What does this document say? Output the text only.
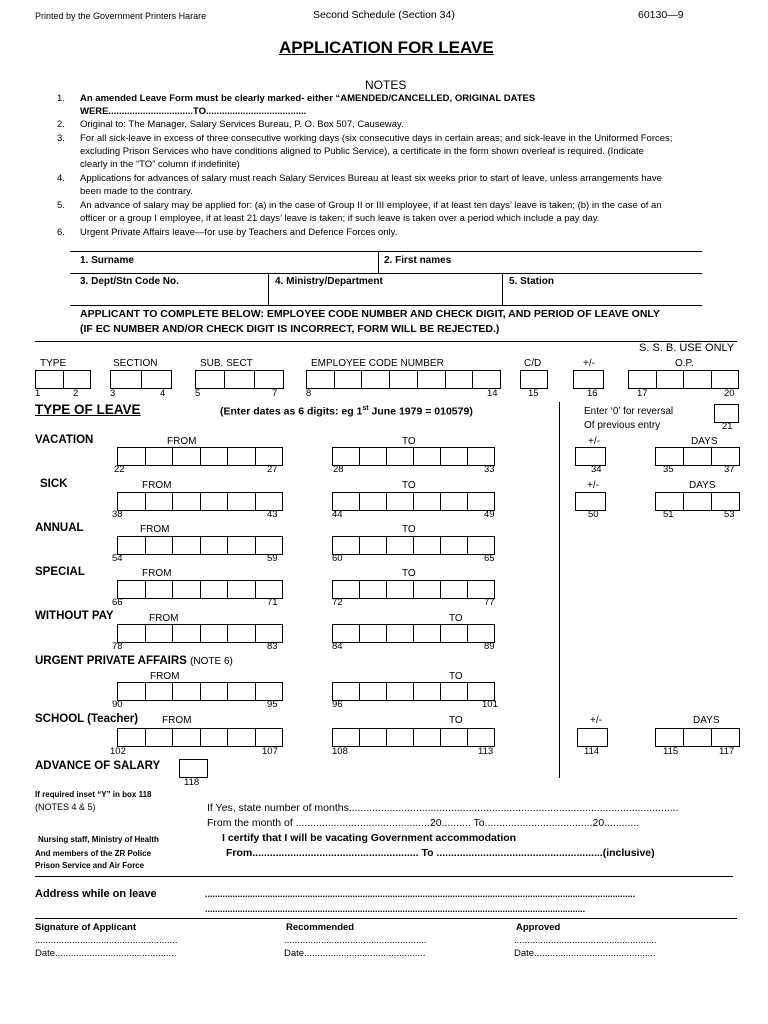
Printed by the Government Printers Harare	Second Schedule (Section 34)	60130—9
APPLICATION FOR LEAVE
NOTES
1. An amended Leave Form must be clearly marked- either “AMENDED/CANCELLED, ORIGINAL DATES
WERE................................TO......................................
2. Original to: The Manager, Salary Services Bureau, P. O. Box 507, Causeway.
3. For all sick-leave in excess of three consecutive working days (six consecutive days in certain areas; and sick-leave in the Uniformed Forces;
excluding Prison Services who have conditions aligned to Public Service), a certificate in the form shown overleaf is required. (Indicate
clearly in the “TO” column if indefinite)
4. Applications for advances of salary must reach Salary Services Bureau at least six weeks prior to start of leave, unless arrangements have
been made to the contrary.
5. An advance of salary may be applied for: (a) in the case of Group II or III employee, if at least ten days’ leave is taken; (b) in the case of an
officer or a group I employee, if at least 21 days’ leave is taken; if such leave is taken over a period which include a pay day.
6. Urgent Private Affairs leave—for use by Teachers and Defence Forces only.
1. Surname	2. First names
3. Dept/Stn Code No.	4. Ministry/Department	5. Station
APPLICANT TO COMPLETE BELOW: EMPLOYEE CODE NUMBER AND CHECK DIGIT, AND PERIOD OF LEAVE ONLY
(IF EC NUMBER AND/OR CHECK DIGIT IS INCORRECT, FORM WILL BE REJECTED.)
S. S. B. USE ONLY
TYPE	SECTION	SUB. SECT	EMPLOYEE CODE NUMBER	C/D	+/-	O.P.
1	2	3	4	5	7	8	14	15	16	17	20
TYPE OF LEAVE	(Enter dates as 6 digits: eg 1st June 1979 = 010579)	Enter ‘0’ for reversal
Of previous entry	21
VACATION	FROM	TO	+/-	DAYS
22	27	28	33	34	35	37
SICK	FROM	TO	+/-	DAYS
38	43	44	49	50	51	53
ANNUAL	FROM	TO
54	59	60	65
SPECIAL	FROM	TO
66	71	72	77
WITHOUT PAY	FROM	TO
78	83	84	89
URGENT PRIVATE AFFAIRS (NOTE 6)
FROM	TO
90	95	96	101
SCHOOL (Teacher) FROM	TO	+/-	DAYS
102	107	108	113	114	115	117
ADVANCE OF SALARY
118
If required inset “Y” in box 118
(NOTES 4 & 5)	If Yes, state number of months.................................................................................................................
From the month of ..............................................20.......... To.....................................20............
Nursing staff, Ministry of Health
And members of the ZR Police
Prison Service and Air Force
I certify that I will be vacating Government accommodation
From......................................................... To .........................................................(inclusive)
Address while on leave	............................................................................................................................................................................
........................................................................................................................................................
Signature of Applicant	Recommended	Approved
......................................................	......................................................	......................................................
Date..............................................	Date..............................................	Date..............................................
